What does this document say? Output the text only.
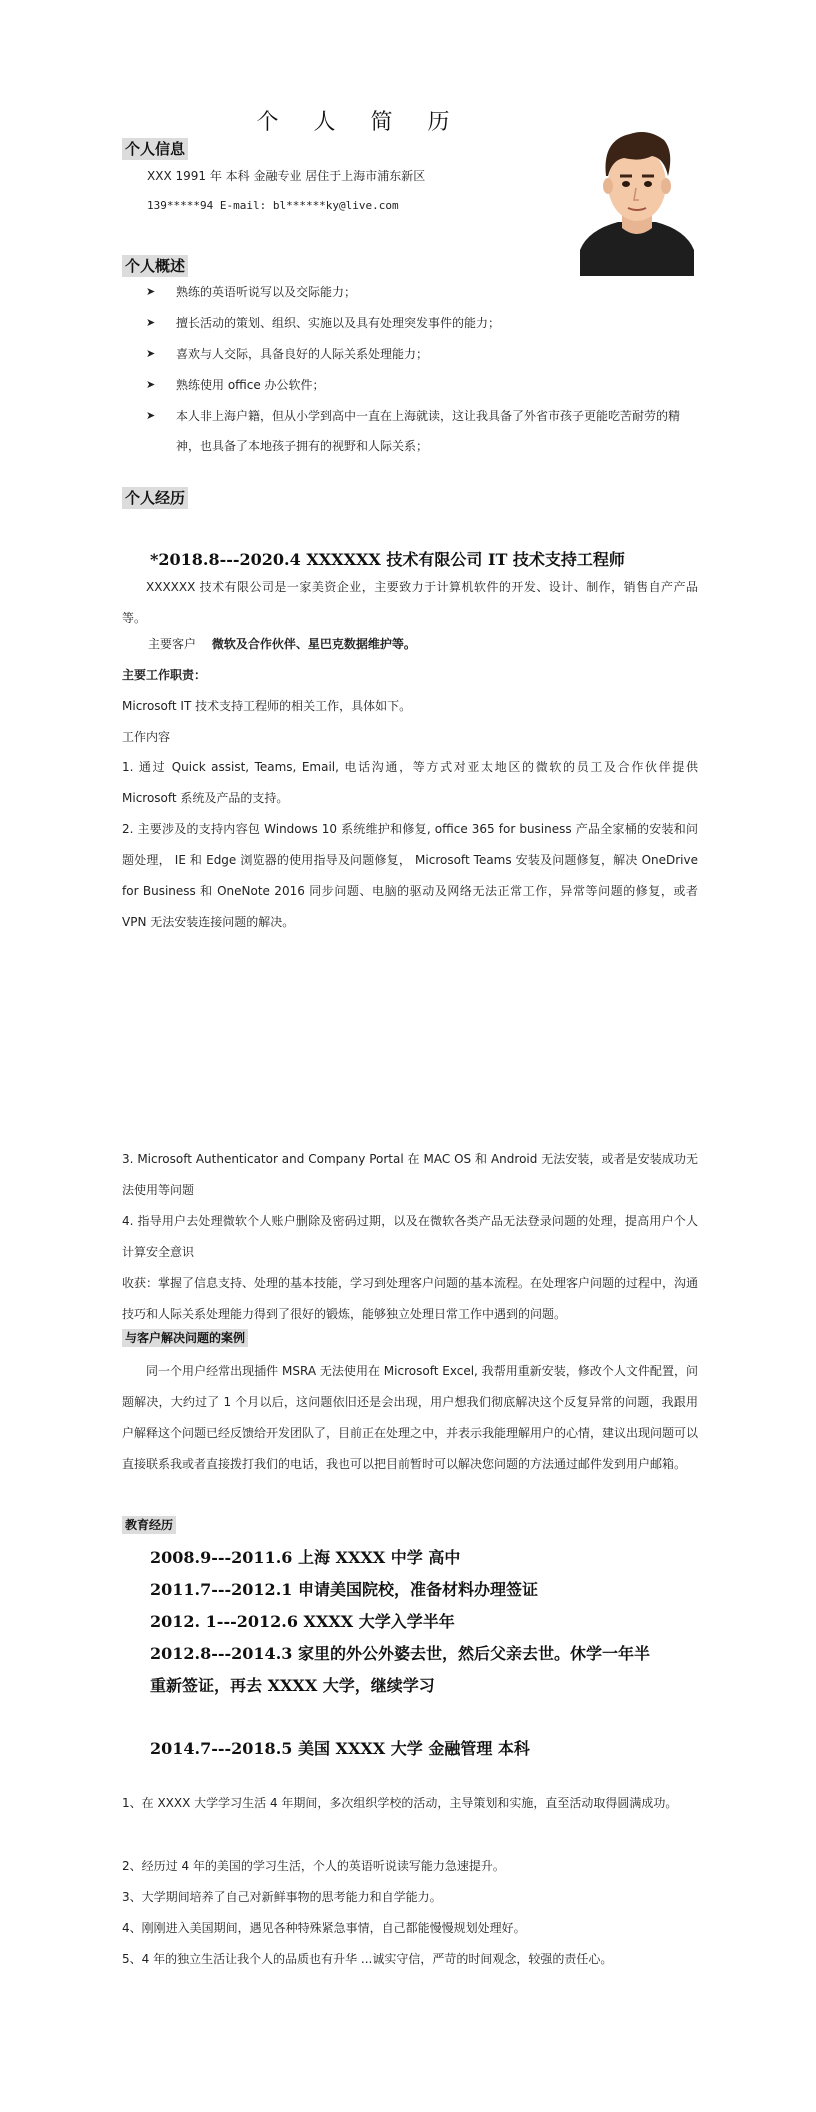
个 人 简 历
个人信息
XXX 1991 年 本科 金融专业 居住于上海市浦东新区
139*****94 E-mail: bl******ky@live.com
个人概述
➤ 熟练的英语听说写以及交际能力；
➤ 擅长活动的策划、组织、实施以及具有处理突发事件的能力；
➤ 喜欢与人交际，具备良好的人际关系处理能力；
➤ 熟练使用 office 办公软件；
➤ 本人非上海户籍，但从小学到高中一直在上海就读，这让我具备了外省市孩子更能吃苦耐劳的精神，也具备了本地孩子拥有的视野和人际关系；
个人经历
*2018.8---2020.4 XXXXXX 技术有限公司 IT 技术支持工程师
XXXXXX 技术有限公司是一家美资企业，主要致力于计算机软件的开发、设计、制作，销售自产产品等。
主要客户 微软及合作伙伴、星巴克数据维护等。
主要工作职责：
Microsoft IT 技术支持工程师的相关工作，具体如下。
工作内容
1. 通过 Quick assist, Teams, Email, 电话沟通，等方式对亚太地区的微软的员工及合作伙伴提供 Microsoft 系统及产品的支持。
2. 主要涉及的支持内容包 Windows 10 系统维护和修复, office 365 for business 产品全家桶的安装和问题处理， IE 和 Edge 浏览器的使用指导及问题修复， Microsoft Teams 安装及问题修复，解决 OneDrive for Business 和 OneNote 2016 同步问题、电脑的驱动及网络无法正常工作，异常等问题的修复，或者 VPN 无法安装连接问题的解决。
3. Microsoft Authenticator and Company Portal 在 MAC OS 和 Android 无法安装，或者是安装成功无法使用等问题
4. 指导用户去处理微软个人账户删除及密码过期，以及在微软各类产品无法登录问题的处理，提高用户个人计算安全意识
收获：掌握了信息支持、处理的基本技能，学习到处理客户问题的基本流程。在处理客户问题的过程中，沟通技巧和人际关系处理能力得到了很好的锻炼，能够独立处理日常工作中遇到的问题。
与客户解决问题的案例
同一个用户经常出现插件 MSRA 无法使用在 Microsoft Excel, 我帮用重新安装，修改个人文件配置，问题解决，大约过了 1 个月以后，这问题依旧还是会出现，用户想我们彻底解决这个反复异常的问题，我跟用户解释这个问题已经反馈给开发团队了，目前正在处理之中，并表示我能理解用户的心情，建议出现问题可以直接联系我或者直接拨打我们的电话，我也可以把目前暂时可以解决您问题的方法通过邮件发到用户邮箱。
教育经历
2008.9---2011.6 上海 XXXX 中学 高中
2011.7---2012.1 申请美国院校，准备材料办理签证
2012. 1---2012.6 XXXX 大学入学半年
2012.8---2014.3 家里的外公外婆去世，然后父亲去世。休学一年半
重新签证，再去 XXXX 大学，继续学习
2014.7---2018.5 美国 XXXX 大学 金融管理 本科
1、在 XXXX 大学学习生活 4 年期间，多次组织学校的活动，主导策划和实施，直至活动取得圆满成功。
2、经历过 4 年的美国的学习生活，个人的英语听说读写能力急速提升。
3、大学期间培养了自己对新鲜事物的思考能力和自学能力。
4、刚刚进入美国期间，遇见各种特殊紧急事情，自己都能慢慢规划处理好。
5、4 年的独立生活让我个人的品质也有升华 ...诚实守信，严苛的时间观念，较强的责任心。
